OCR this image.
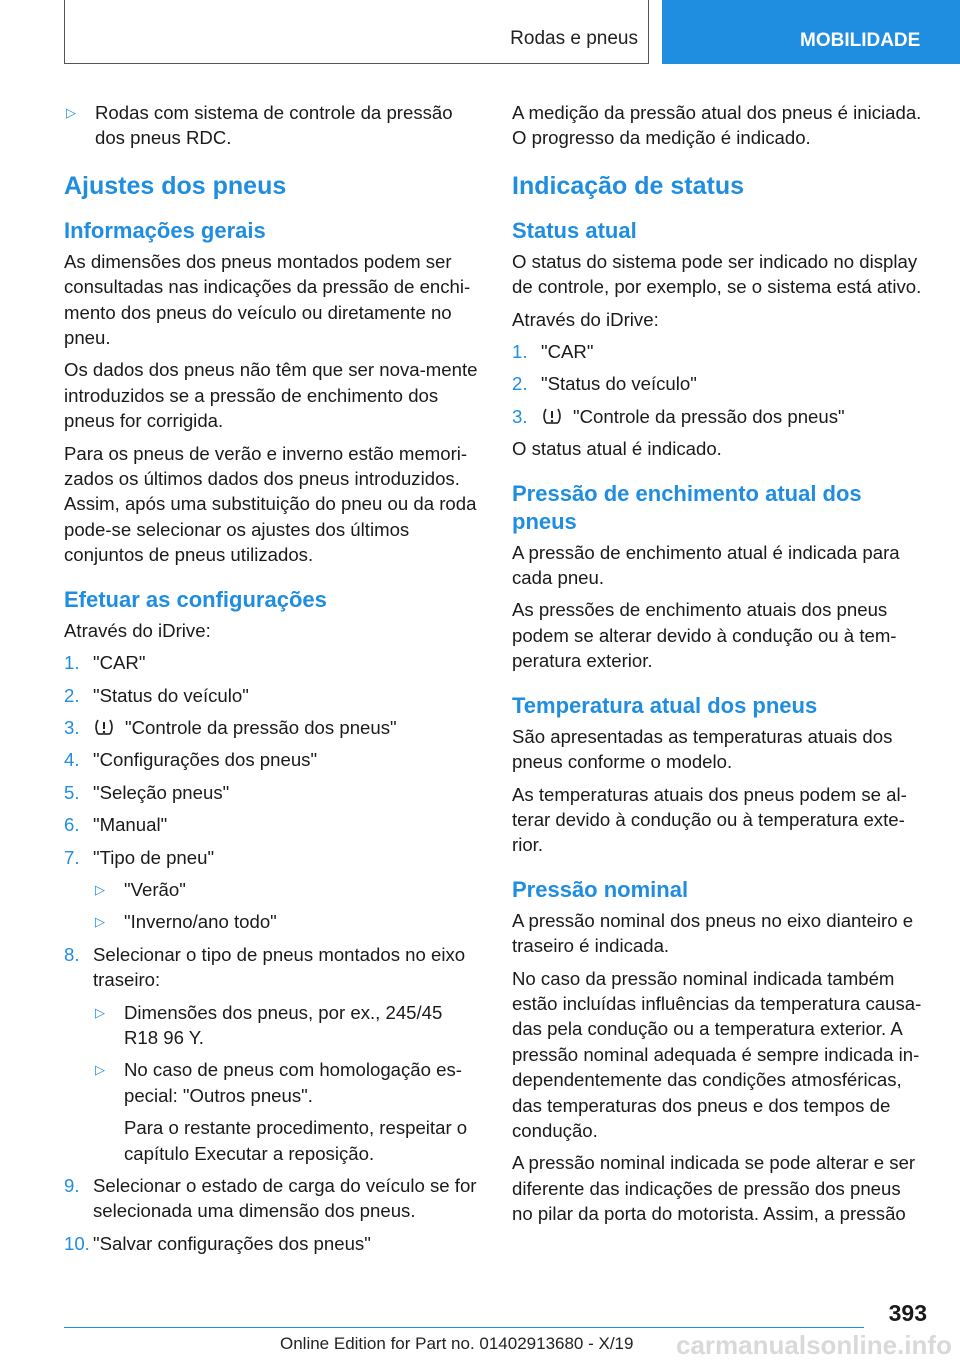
Rodas e pneus	MOBILIDADE
▷	Rodas com sistema de controle da pressão dos pneus RDC.
Ajustes dos pneus
Informações gerais

As dimensões dos pneus montados podem ser consultadas nas indicações da pressão de enchi-mento dos pneus do veículo ou diretamente no pneu.

Os dados dos pneus não têm que ser nova-mente introduzidos se a pressão de enchimento dos pneus for corrigida.

Para os pneus de verão e inverno estão memori-zados os últimos dados dos pneus introduzidos. Assim, após uma substituição do pneu ou da roda pode-se selecionar os ajustes dos últimos conjuntos de pneus utilizados.

Efetuar as configurações

Através do iDrive:

1. "CAR"
2. "Status do veículo"
3.	"Controle da pressão dos pneus"
4. "Configurações dos pneus"
5. "Seleção pneus"
6. "Manual"
7. "Tipo de pneu"
▷	"Verão"
▷	"Inverno/ano todo"
8. Selecionar o tipo de pneus montados no eixo traseiro:
▷	Dimensões dos pneus, por ex., 245/45 R18 96 Y.
▷	No caso de pneus com homologação es-pecial: "Outros pneus".

Para o restante procedimento, respeitar o capítulo Executar a reposição.
9. Selecionar o estado de carga do veículo se for selecionada uma dimensão dos pneus.
10. "Salvar configurações dos pneus"

A medição da pressão atual dos pneus é iniciada. O progresso da medição é indicado.

Indicação de status
Status atual

O status do sistema pode ser indicado no display de controle, por exemplo, se o sistema está ativo.

Através do iDrive:

1. "CAR"
2. "Status do veículo"
3.	"Controle da pressão dos pneus"

O status atual é indicado.

Pressão de enchimento atual dos pneus

A pressão de enchimento atual é indicada para cada pneu.

As pressões de enchimento atuais dos pneus podem se alterar devido à condução ou à tem-peratura exterior.

Temperatura atual dos pneus

São apresentadas as temperaturas atuais dos pneus conforme o modelo.

As temperaturas atuais dos pneus podem se al-terar devido à condução ou à temperatura exte-rior.

Pressão nominal

A pressão nominal dos pneus no eixo dianteiro e traseiro é indicada.

No caso da pressão nominal indicada também estão incluídas influências da temperatura causa-das pela condução ou a temperatura exterior. A pressão nominal adequada é sempre indicada in-dependentemente das condições atmosféricas, das temperaturas dos pneus e dos tempos de condução.

A pressão nominal indicada se pode alterar e ser diferente das indicações de pressão dos pneus no pilar da porta do motorista. Assim, a pressão

393
Online Edition for Part no. 01402913680 - X/19 carmanualsonline.info
